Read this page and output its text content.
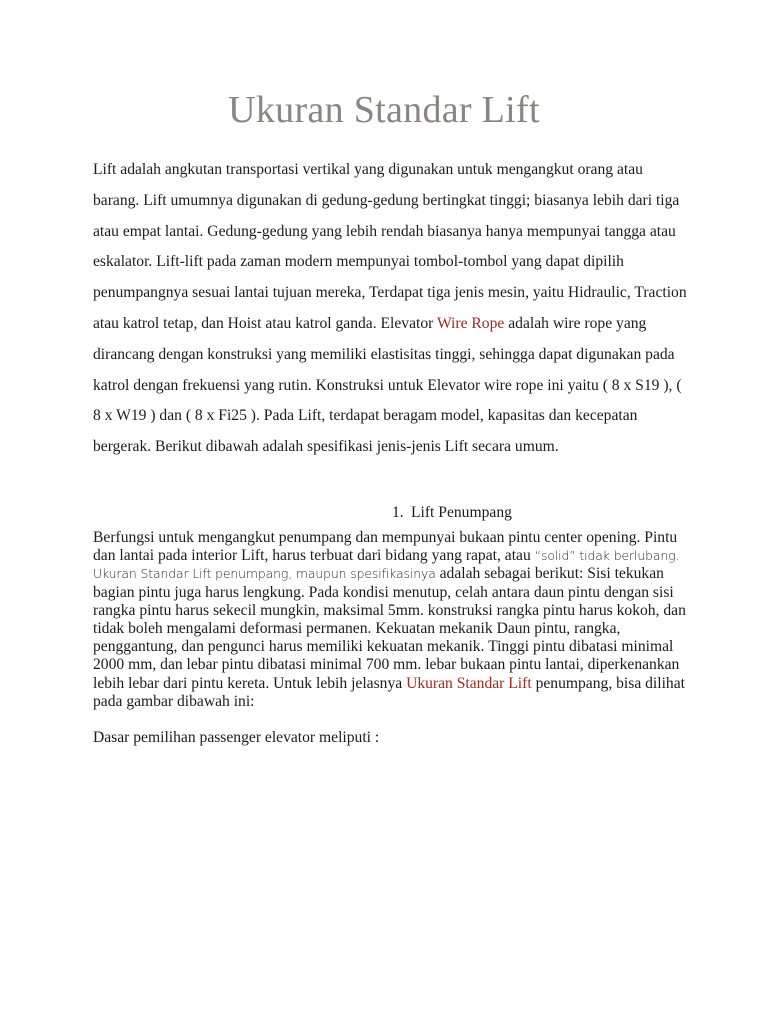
Ukuran Standar Lift

Lift adalah angkutan transportasi vertikal yang digunakan untuk mengangkut orang atau barang. Lift umumnya digunakan di gedung-gedung bertingkat tinggi; biasanya lebih dari tiga atau empat lantai. Gedung-gedung yang lebih rendah biasanya hanya mempunyai tangga atau eskalator. Lift-lift pada zaman modern mempunyai tombol-tombol yang dapat dipilih penumpangnya sesuai lantai tujuan mereka, Terdapat tiga jenis mesin, yaitu Hidraulic, Traction atau katrol tetap, dan Hoist atau katrol ganda. Elevator Wire Rope adalah wire rope yang dirancang dengan konstruksi yang memiliki elastisitas tinggi, sehingga dapat digunakan pada katrol dengan frekuensi yang rutin. Konstruksi untuk Elevator wire rope ini yaitu ( 8 x S19 ), ( 8 x W19 ) dan ( 8 x Fi25 ). Pada Lift, terdapat beragam model, kapasitas dan kecepatan bergerak. Berikut dibawah adalah spesifikasi jenis-jenis Lift secara umum.

1. Lift Penumpang

Berfungsi untuk mengangkut penumpang dan mempunyai bukaan pintu center opening. Pintu dan lantai pada interior Lift, harus terbuat dari bidang yang rapat, atau “solid” tidak berlubang. Ukuran Standar Lift penumpang, maupun spesifikasinya adalah sebagai berikut: Sisi tekukan bagian pintu juga harus lengkung. Pada kondisi menutup, celah antara daun pintu dengan sisi rangka pintu harus sekecil mungkin, maksimal 5mm. konstruksi rangka pintu harus kokoh, dan tidak boleh mengalami deformasi permanen. Kekuatan mekanik Daun pintu, rangka, penggantung, dan pengunci harus memiliki kekuatan mekanik. Tinggi pintu dibatasi minimal 2000 mm, dan lebar pintu dibatasi minimal 700 mm. lebar bukaan pintu lantai, diperkenankan lebih lebar dari pintu kereta. Untuk lebih jelasnya Ukuran Standar Lift penumpang, bisa dilihat pada gambar dibawah ini:

Dasar pemilihan passenger elevator meliputi :
